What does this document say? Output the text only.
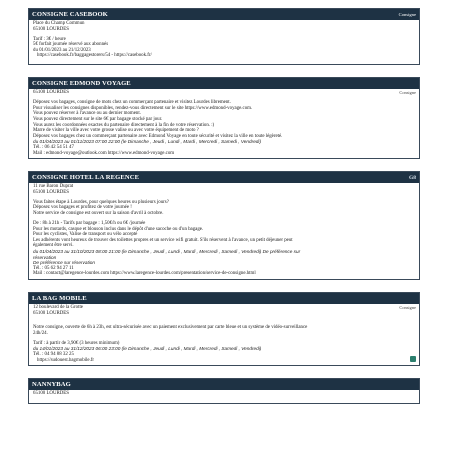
CONSIGNE CASEBOOK	Consigne
Place du Champ Commun
65100 LOURDES
Tarif : 3€ / heure
5€ forfait journée réservé aux abonnés
du 01/01/2023 au 21/12/2023
https://casebook.fr/baggagestorers/54 - https://casebook.fr/
CONSIGNE EDMOND VOYAGE
Consigne
65100 LOURDES
Déposez vos bagages, consigne de mots chez un commerçant partenaire et visitez Lourdes librement.
Pour visualiser les consignes disponibles, rendez-vous directement sur le site https://www.edmond-voyage.com.
Vous pouvez réserver à l'avance ou au dernier moment.
Vous pouvez directement sur le site 6€ par bagage stocké par jour.
Vous aurez les coordonnées exactes du partenaire directement à la fin de votre réservation. :)
Marre de visiter la ville avec votre grosse valise ou avec votre équipement de moto ?
Déposez vos bagages chez un commerçant partenaire avec Edmond Voyage en toute sécurité et visitez la ville en toute légèreté.
du 01/04/2023 au 01/11/2023 07:00 22:00 (le Dimanche , Jeudi , Lundi , Mardi , Mercredi , Samedi , Vendredi)
Tél. : 06 42 54 51 47
Mail : edmond-voyage@outlook.com https://www.edmond-voyage.com
CONSIGNE HOTEL LA REGENCE	G8
11 rue Baron Duprat
65100 LOURDES
Vous faites étape à Lourdes, pour quelques heures ou plusieurs jours?
Déposez vos bagages et profitez de votre journée !
Notre service de consigne est ouvert sur la saison d'avril à octobre.
De : 8h à 21h - Tarifs par bagage : 1,50€/h ou 6€ /journée
Pour les motards, casque et blouson inclus dans le dépôt d'une sacoche ou d'un bagage.
Pour les cyclistes, Valise de transport ou vélo accepté
Les adhérents vont heureux de trouver des toilettes propres et un service wifi gratuit. S'ils réservent à l'avance, un petit déjeuner peut
également être servi.
du 01/04/2023 au 31/10/2023 08:00 21:00 (le Dimanche , Jeudi , Lundi , Mardi , Mercredi , Samedi , Vendredi) De préférence sur
réservation
De préférence sur réservation
Tél. : 05 62 94 27 11
Mail : contact@laregence-lourdes.com https://www.laregence-lourdes.com/presentation/service-de-consigne.html
LA BAG MOBILE
Consigne
12 boulevard de la Grotte
65100 LOURDES
Notre consigne, ouverte de 6h à 23h, est ultra-sécurisée avec un paiement exclusivement par carte bleue et un système de vidéo-surveillance
24h/24.
Tarif : à partir de 3,90€ (3 heures minimum)
du 14/01/2023 au 31/12/2023 06:00 23:00 (le Dimanche , Jeudi , Lundi , Mardi , Mercredi , Samedi , Vendredi)
Tél. : 04 94 88 32 25
https://sudouest.bagmobile.fr
NANNYBAG
65100 LOURDES
